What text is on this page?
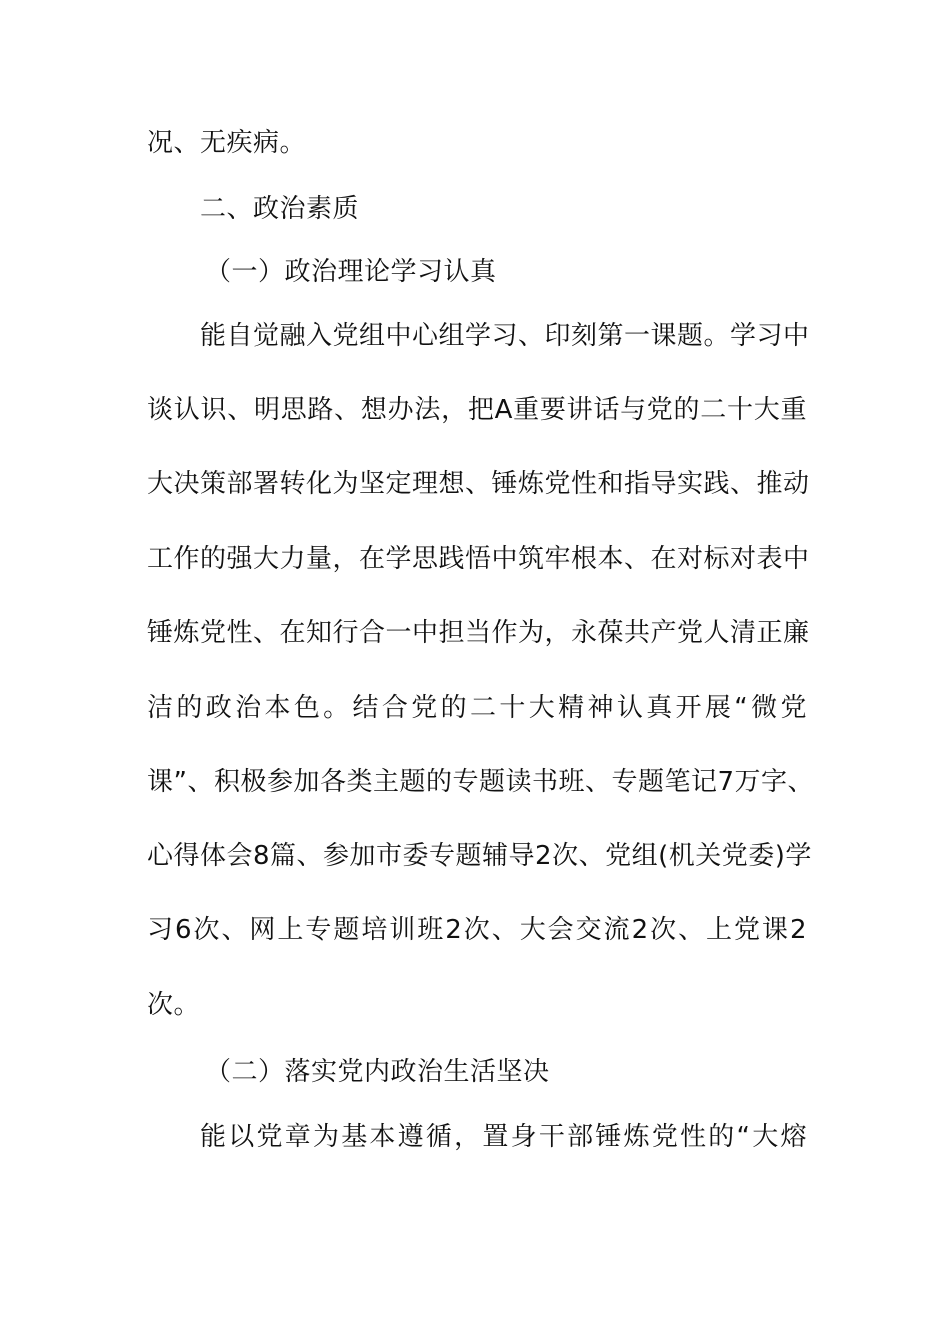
况、无疾病。
二、政治素质
（一）政治理论学习认真
能自觉融入党组中心组学习、印刻第一课题。学习中
谈认识、明思路、想办法，把A重要讲话与党的二十大重
大决策部署转化为坚定理想、锤炼党性和指导实践、推动
工作的强大力量，在学思践悟中筑牢根本、在对标对表中
锤炼党性、在知行合一中担当作为，永葆共产党人清正廉
洁的政治本色。结合党的二十大精神认真开展“微党
课”、积极参加各类主题的专题读书班、专题笔记7万字、
心得体会8篇、参加市委专题辅导2次、党组(机关党委)学
习6次、网上专题培训班2次、大会交流2次、上党课2
次。
（二）落实党内政治生活坚决
能以党章为基本遵循，置身干部锤炼党性的“大熔
